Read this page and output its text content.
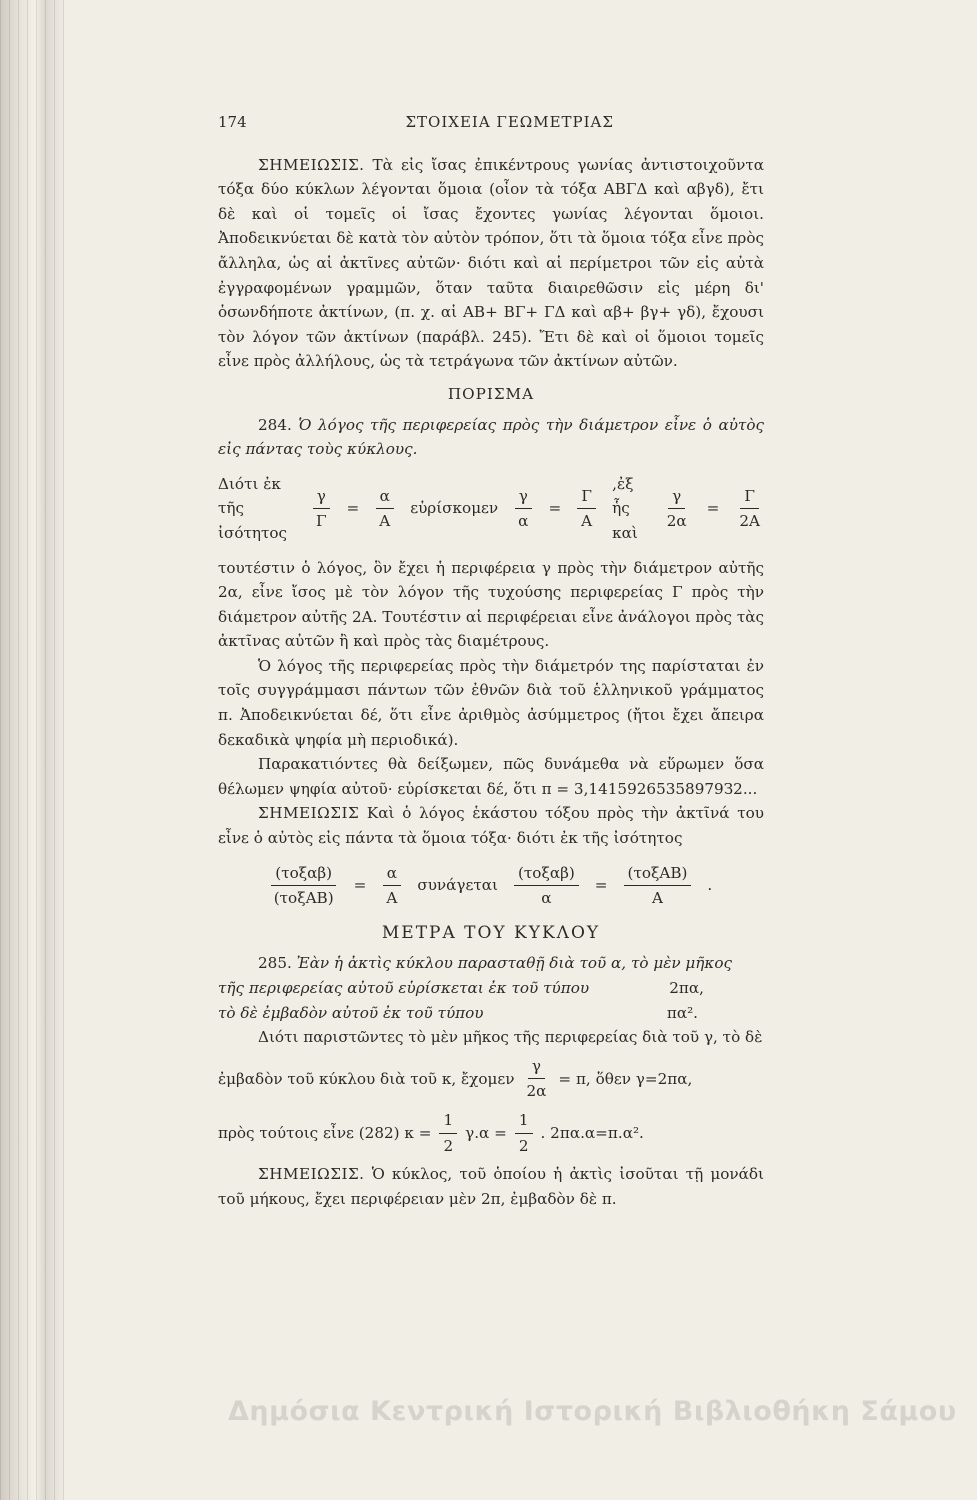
174	ΣΤΟΙΧΕΙΑ ΓΕΩΜΕΤΡΙΑΣ

ΣΗΜΕΙΩΣΙΣ. Τὰ εἰς ἴσας ἐπικέντρους γωνίας ἀντιστοιχοῦντα τόξα δύο κύκλων λέγονται ὅμοια (οἷον τὰ τόξα ΑΒΓΔ καὶ αβγδ), ἔτι δὲ καὶ οἱ τομεῖς οἱ ἴσας ἔχοντες γωνίας λέγονται ὅμοιοι. Ἀποδεικνύεται δὲ κατὰ τὸν αὐτὸν τρόπον, ὅτι τὰ ὅμοια τόξα εἶνε πρὸς ἄλληλα, ὡς αἱ ἀκτῖνες αὐτῶν· διότι καὶ αἱ περίμετροι τῶν εἰς αὐτὰ ἐγγραφομένων γραμμῶν, ὅταν ταῦτα διαιρεθῶσιν εἰς μέρη δι' ὁσωνδήποτε ἀκτίνων, (π. χ. αἱ ΑΒ+ ΒΓ+ ΓΔ καὶ αβ+ βγ+ γδ), ἔχουσι τὸν λόγον τῶν ἀκτίνων (παράβλ. 245). Ἔτι δὲ καὶ οἱ ὅμοιοι τομεῖς εἶνε πρὸς ἀλλήλους, ὡς τὰ τετράγωνα τῶν ἀκτίνων αὐτῶν.

ΠΟΡΙΣΜΑ

284. Ὁ λόγος τῆς περιφερείας πρὸς τὴν διάμετρον εἶνε ὁ αὐτὸς εἰς πάντας τοὺς κύκλους.

Διότι ἐκ τῆς ἰσότητος	$\frac{\gamma}{\Gamma} = \frac{\alpha}{A}$ εὑρίσκομεν $\frac{\gamma}{\alpha} = \frac{\Gamma}{A}$ ,ἐξ ἧς καὶ	$\frac{\gamma}{2\alpha} = \frac{\Gamma}{2A}$

τουτέστιν ὁ λόγος, ὃν ἔχει ἡ περιφέρεια γ πρὸς τὴν διάμετρον αὐτῆς 2α, εἶνε ἴσος μὲ τὸν λόγον τῆς τυχούσης περιφερείας Γ πρὸς τὴν διάμετρον αὐτῆς 2Α. Τουτέστιν αἱ περιφέρειαι εἶνε ἀνάλογοι πρὸς τὰς ἀκτῖνας αὐτῶν ἢ καὶ πρὸς τὰς διαμέτρους.

Ὁ λόγος τῆς περιφερείας πρὸς τὴν διάμετρόν της παρίσταται ἐν τοῖς συγγράμμασι πάντων τῶν ἐθνῶν διὰ τοῦ ἑλληνικοῦ γράμματος π. Ἀποδεικνύεται δέ, ὅτι εἶνε ἀριθμὸς ἀσύμμετρος (ἤτοι ἔχει ἄπειρα δεκαδικὰ ψηφία μὴ περιοδικά).

Παρακατιόντες θὰ δείξωμεν, πῶς δυνάμεθα νὰ εὕρωμεν ὅσα θέλωμεν ψηφία αὐτοῦ· εὑρίσκεται δέ, ὅτι π = 3,14159265358979З2...

ΣΗΜΕΙΩΣΙΣ Καὶ ὁ λόγος ἑκάστου τόξου πρὸς τὴν ἀκτῖνά του εἶνε ὁ αὐτὸς εἰς πάντα τὰ ὅμοια τόξα· διότι ἐκ τῆς ἰσότητος

$\frac{\text{(τοξαβ)}}{\text{(τοξΑΒ)}} = \frac{\alpha}{A}$ συνάγεται $\frac{\text{(τοξαβ)}}{\alpha} = \frac{\text{(τοξΑΒ)}}{A}$ .
ΜΕΤΡΑ ΤΟΥ ΚΥΚΛΟΥ

285. Ἐὰν ἡ ἀκτὶς κύκλου παρασταθῇ διὰ τοῦ α, τὸ μὲν μῆκος

τῆς περιφερείας αὐτοῦ εὑρίσκεται ἐκ τοῦ τύπου	2πα,
τὸ δὲ ἐμβαδὸν αὐτοῦ ἐκ τοῦ τύπου	πα².

Διότι παριστῶντες τὸ μὲν μῆκος τῆς περιφερείας διὰ τοῦ γ, τὸ δὲ

ἐμβαδὸν τοῦ κύκλου διὰ τοῦ κ, ἔχομεν $\frac{\gamma}{2\alpha} = \pi$, ὅθεν γ=2πα,
πρὸς τούτοις εἶνε (282) $\kappa = \frac{1}{2} \gamma.\alpha = \frac{1}{2}$ . 2πα.α=π.α².

ΣΗΜΕΙΩΣΙΣ. Ὁ κύκλος, τοῦ ὁποίου ἡ ἀκτὶς ἰσοῦται τῇ μονάδι τοῦ μήκους, ἔχει περιφέρειαν μὲν 2π, ἐμβαδὸν δὲ π.

Δημόσια Κεντρική Ιστορική Βιβλιοθήκη Σάμου
